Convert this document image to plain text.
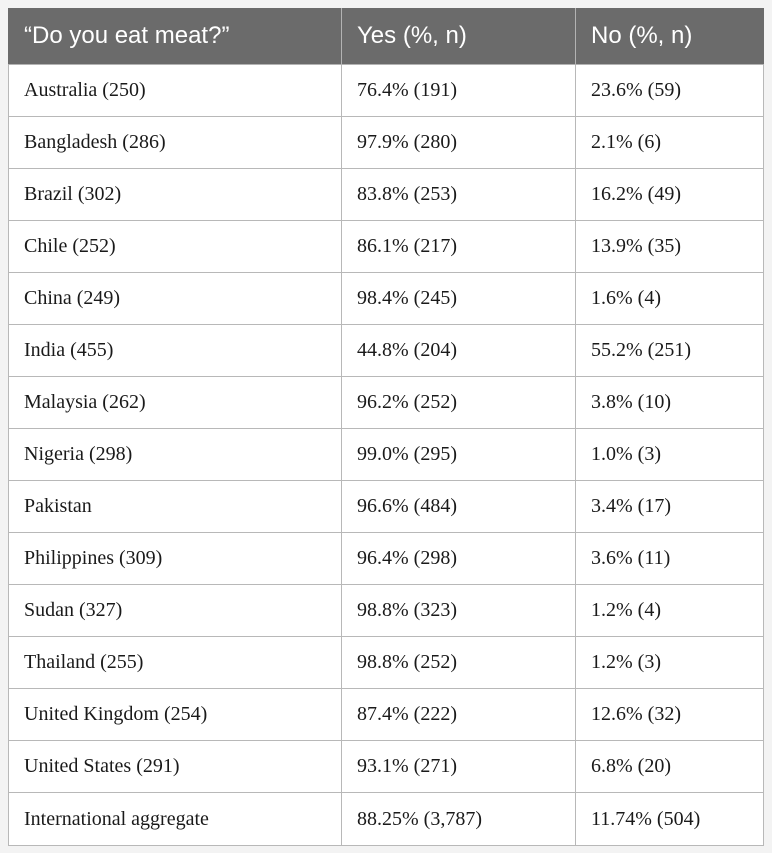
“Do you eat meat?”	Yes (%, n)	No (%, n)
Australia (250)	76.4% (191)	23.6% (59)
Bangladesh (286)	97.9% (280)	2.1% (6)
Brazil (302)	83.8% (253)	16.2% (49)
Chile (252)	86.1% (217)	13.9% (35)
China (249)	98.4% (245)	1.6% (4)
India (455)	44.8% (204)	55.2% (251)
Malaysia (262)	96.2% (252)	3.8% (10)
Nigeria (298)	99.0% (295)	1.0% (3)
Pakistan	96.6% (484)	3.4% (17)
Philippines (309)	96.4% (298)	3.6% (11)
Sudan (327)	98.8% (323)	1.2% (4)
Thailand (255)	98.8% (252)	1.2% (3)
United Kingdom (254)	87.4% (222)	12.6% (32)
United States (291)	93.1% (271)	6.8% (20)
International aggregate	88.25% (3,787)	11.74% (504)
